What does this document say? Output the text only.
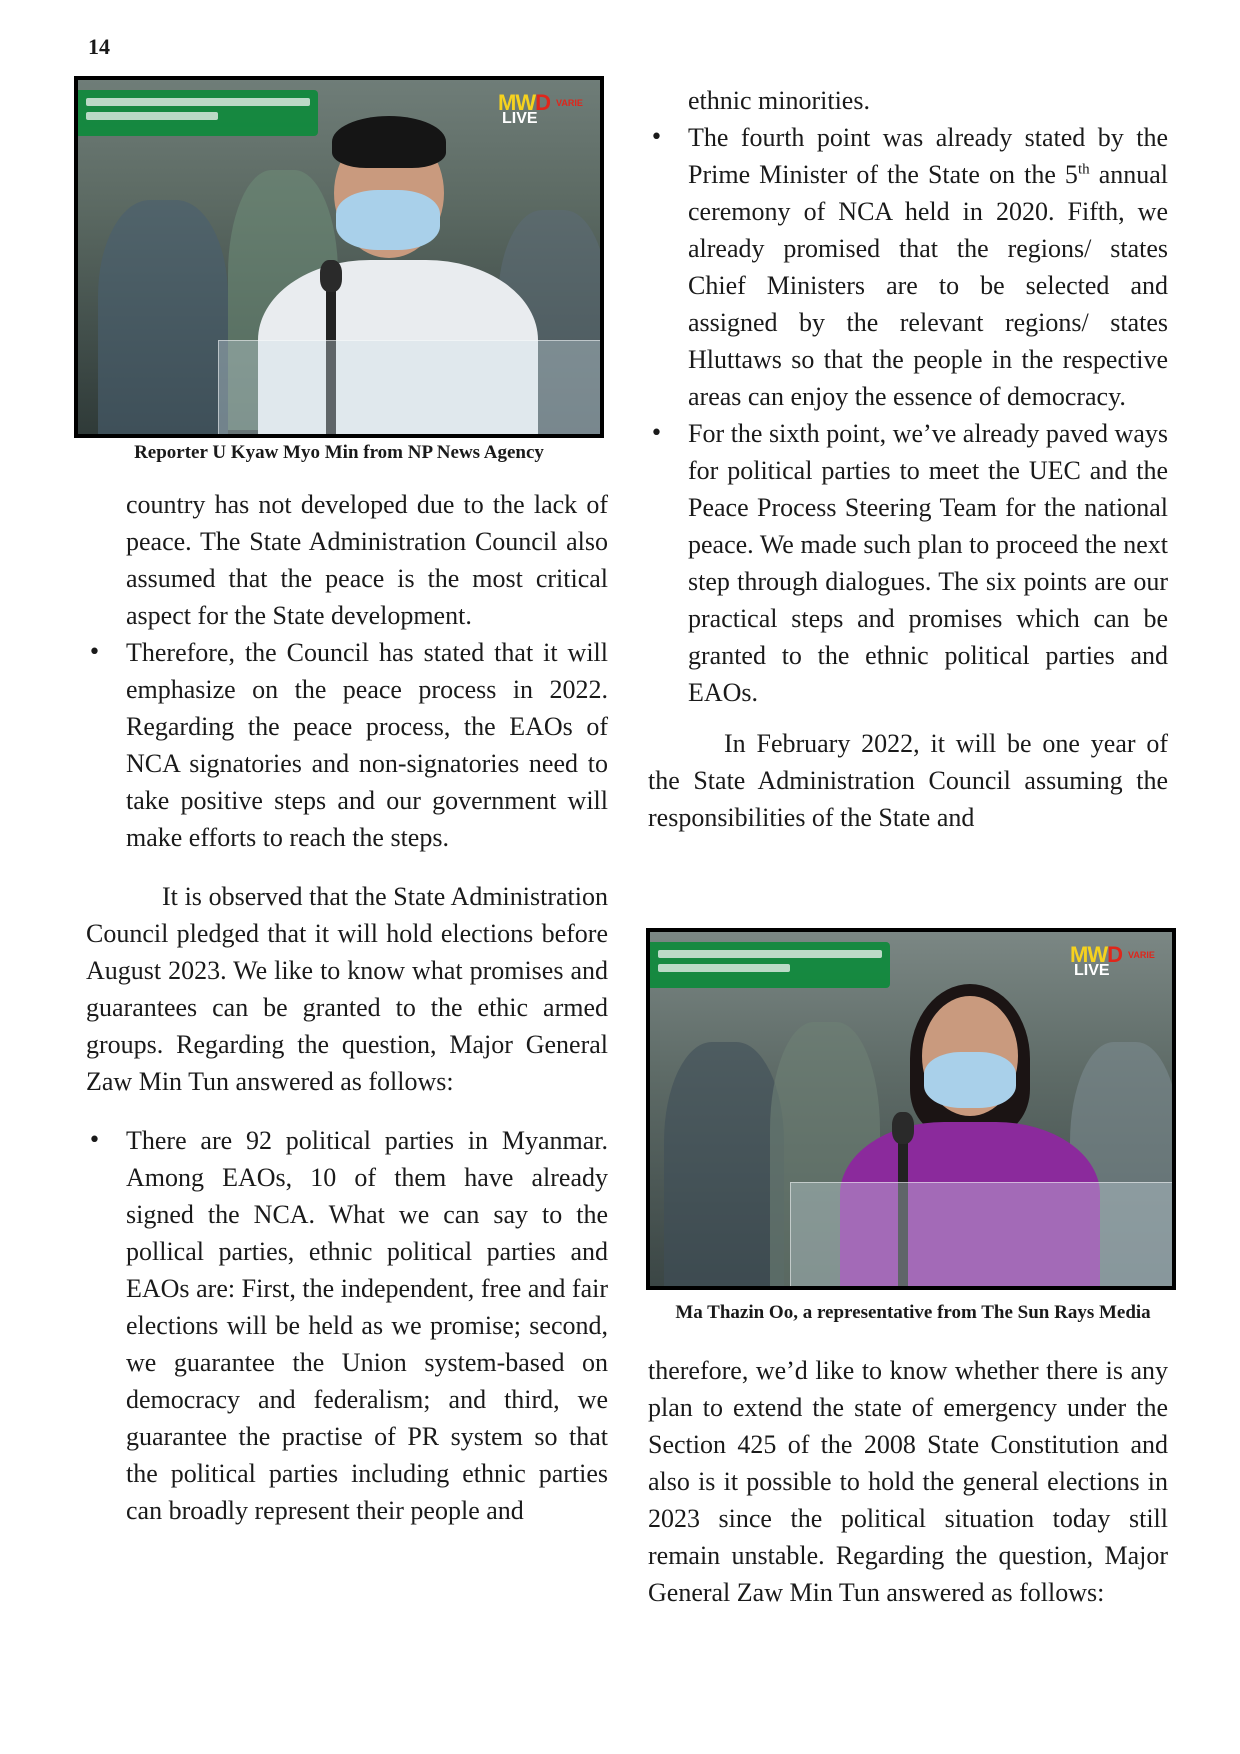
14
MWD VARIE
LIVE
Reporter U Kyaw Myo Min from NP News Agency

country has not developed due to the lack of peace. The State Administration Council also assumed that the peace is the most critical aspect for the State development.

• Therefore, the Council has stated that it will emphasize on the peace process in 2022. Regarding the peace process, the EAOs of NCA signatories and non-signatories need to take positive steps and our government will make efforts to reach the steps.

It is observed that the State Administration Council pledged that it will hold elections before August 2023. We like to know what promises and guarantees can be granted to the ethic armed groups. Regarding the question, Major General Zaw Min Tun answered as follows:

• There are 92 political parties in Myanmar. Among EAOs, 10 of them have already signed the NCA. What we can say to the pollical parties, ethnic political parties and EAOs are: First, the independent, free and fair elections will be held as we promise; second, we guarantee the Union system-based on democracy and federalism; and third, we guarantee the practise of PR system so that the political parties including ethnic parties can broadly represent their people and

ethnic minorities.

• The fourth point was already stated by the Prime Minister of the State on the 5th annual ceremony of NCA held in 2020. Fifth, we already promised that the regions/ states Chief Ministers are to be selected and assigned by the relevant regions/ states Hluttaws so that the people in the respective areas can enjoy the essence of democracy.
• For the sixth point, we’ve already paved ways for political parties to meet the UEC and the Peace Process Steering Team for the national peace. We made such plan to proceed the next step through dialogues. The six points are our practical steps and promises which can be granted to the ethnic political parties and EAOs.

In February 2022, it will be one year of the State Administration Council assuming the responsibilities of the State and

MWD VARIE
LIVE
Ma Thazin Oo, a representative from The Sun Rays Media

therefore, we’d like to know whether there is any plan to extend the state of emergency under the Section 425 of the 2008 State Constitution and also is it possible to hold the general elections in 2023 since the political situation today still remain unstable. Regarding the question, Major General Zaw Min Tun answered as follows:
